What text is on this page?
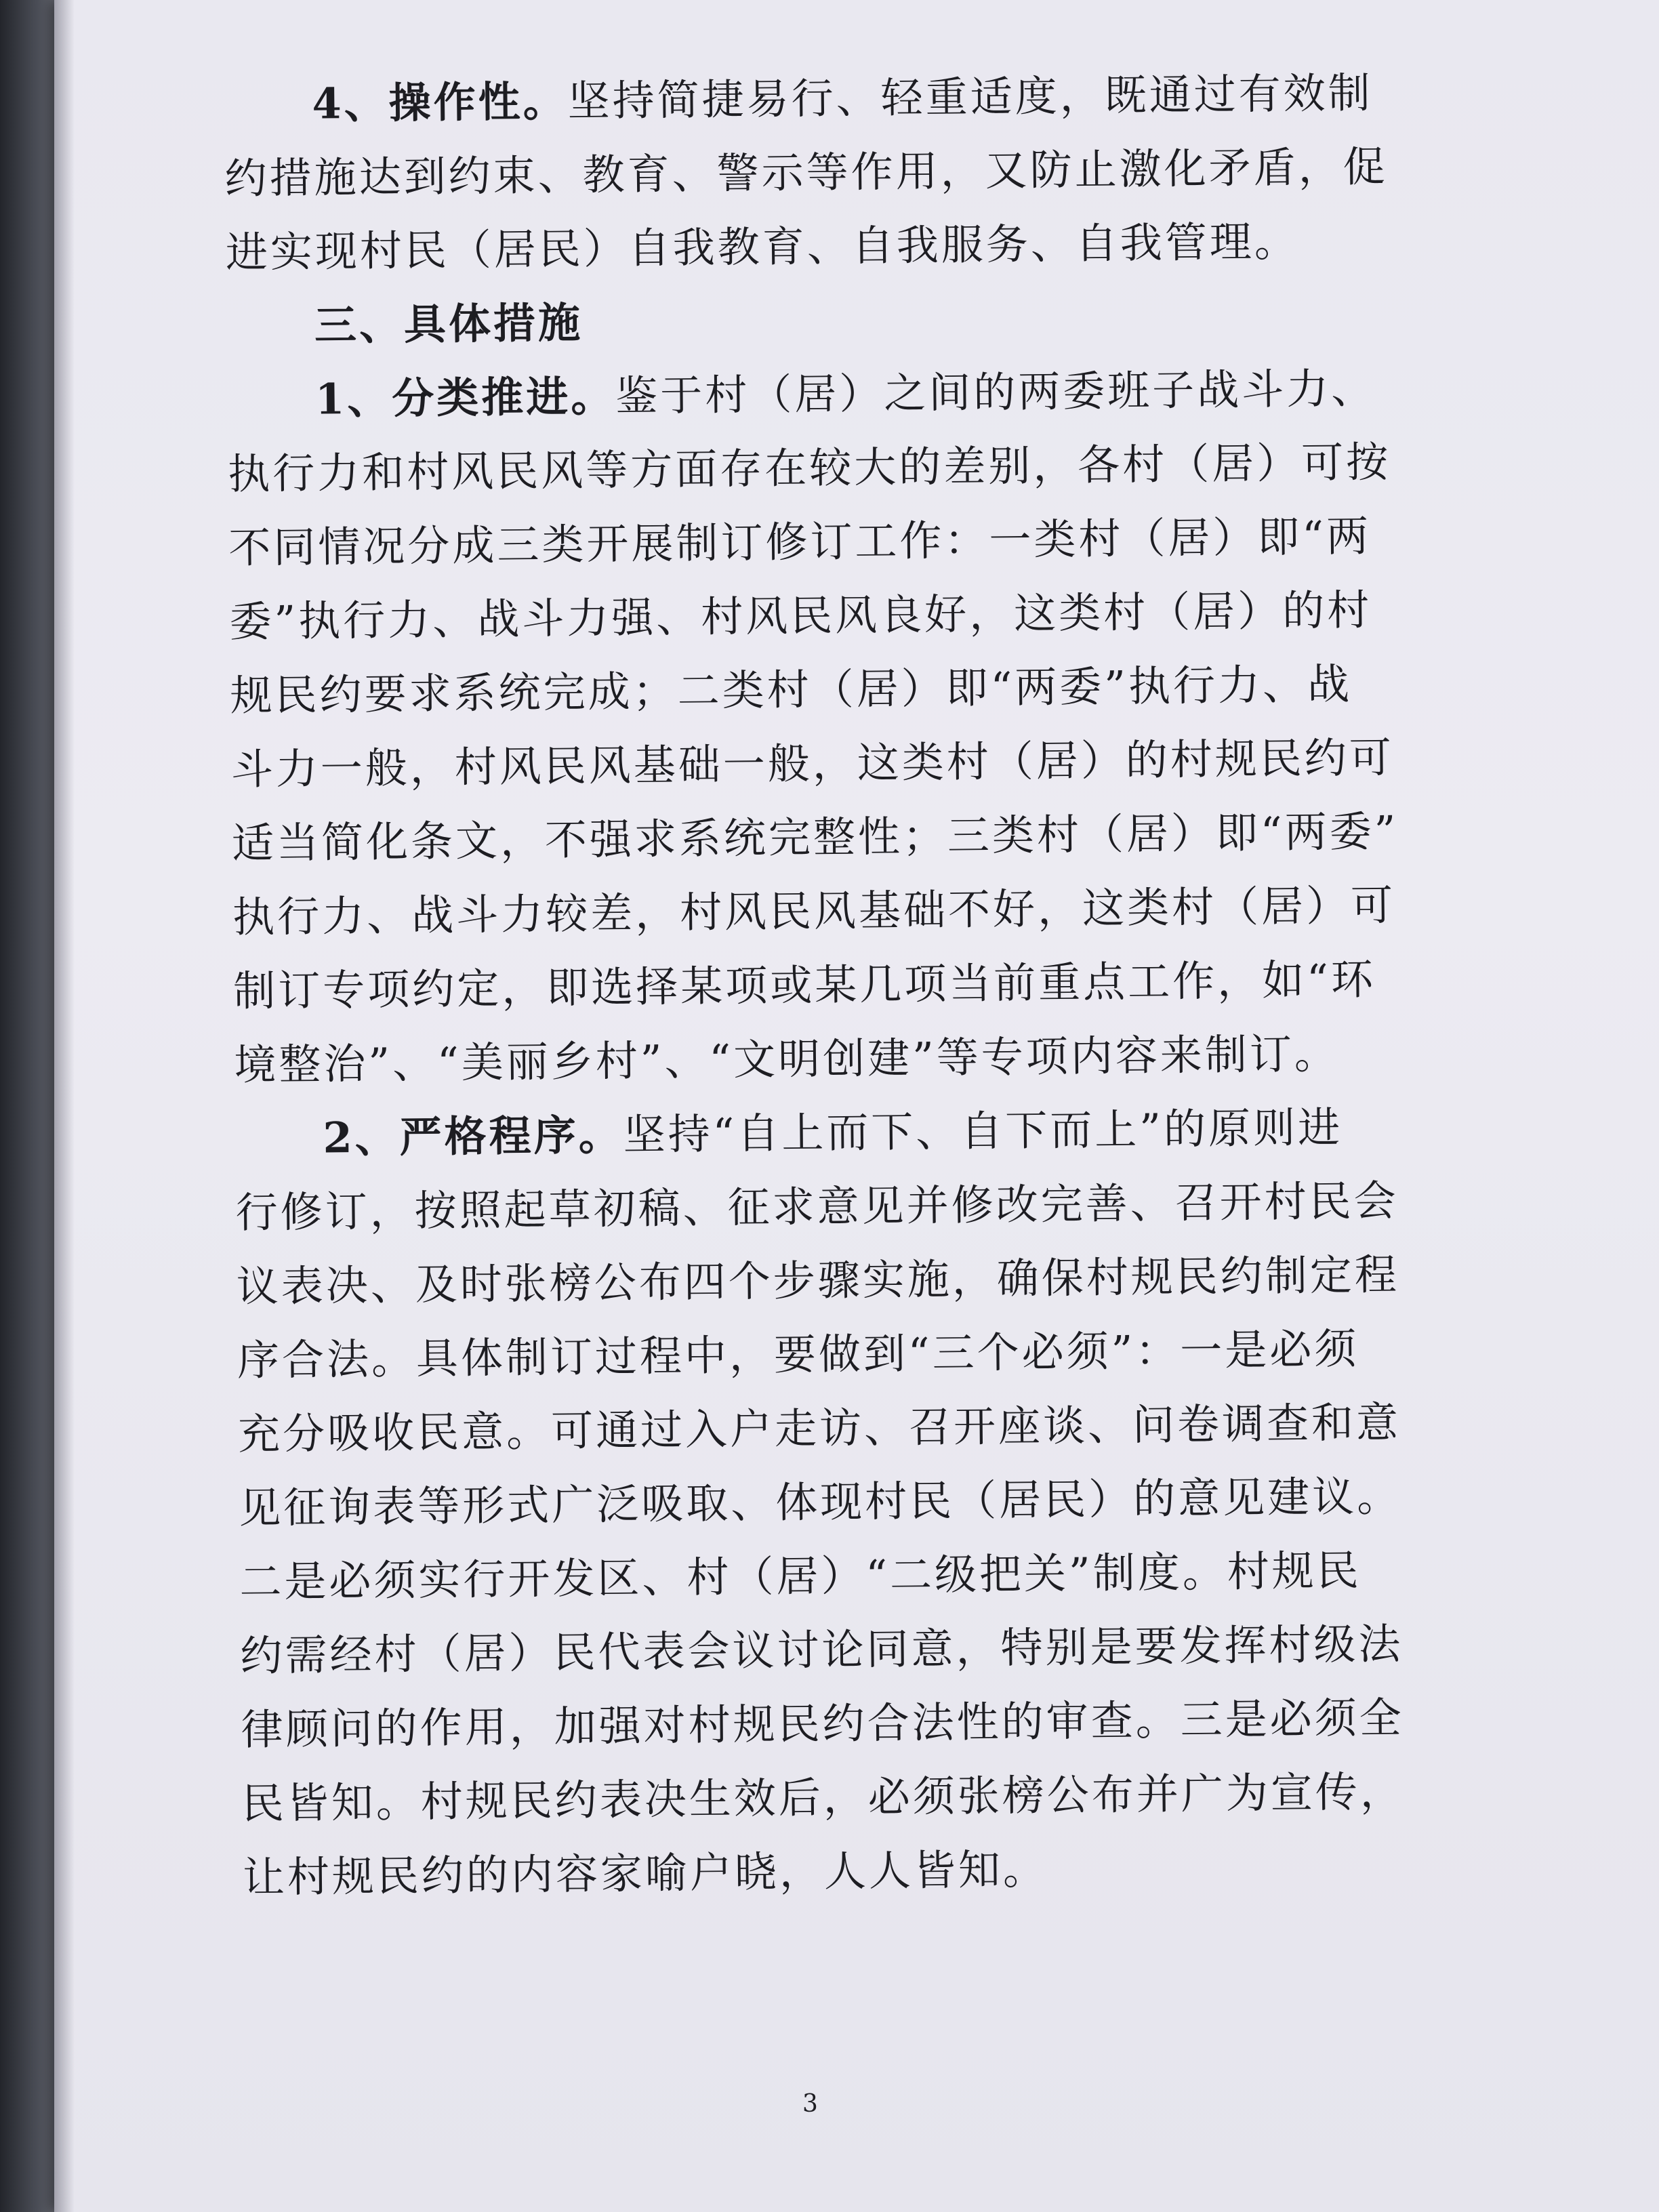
4、操作性。坚持简捷易行、轻重适度，既通过有效制
约措施达到约束、教育、警示等作用，又防止激化矛盾，促
进实现村民（居民）自我教育、自我服务、自我管理。
三、具体措施
1、分类推进。鉴于村（居）之间的两委班子战斗力、
执行力和村风民风等方面存在较大的差别，各村（居）可按
不同情况分成三类开展制订修订工作：一类村（居）即“两
委”执行力、战斗力强、村风民风良好，这类村（居）的村
规民约要求系统完成；二类村（居）即“两委”执行力、战
斗力一般，村风民风基础一般，这类村（居）的村规民约可
适当简化条文，不强求系统完整性；三类村（居）即“两委”
执行力、战斗力较差，村风民风基础不好，这类村（居）可
制订专项约定，即选择某项或某几项当前重点工作，如“环
境整治”、“美丽乡村”、“文明创建”等专项内容来制订。
2、严格程序。坚持“自上而下、自下而上”的原则进
行修订，按照起草初稿、征求意见并修改完善、召开村民会
议表决、及时张榜公布四个步骤实施，确保村规民约制定程
序合法。具体制订过程中，要做到“三个必须”：一是必须
充分吸收民意。可通过入户走访、召开座谈、问卷调查和意
见征询表等形式广泛吸取、体现村民（居民）的意见建议。
二是必须实行开发区、村（居）“二级把关”制度。村规民
约需经村（居）民代表会议讨论同意，特别是要发挥村级法
律顾问的作用，加强对村规民约合法性的审查。三是必须全
民皆知。村规民约表决生效后，必须张榜公布并广为宣传，
让村规民约的内容家喻户晓，人人皆知。
3
